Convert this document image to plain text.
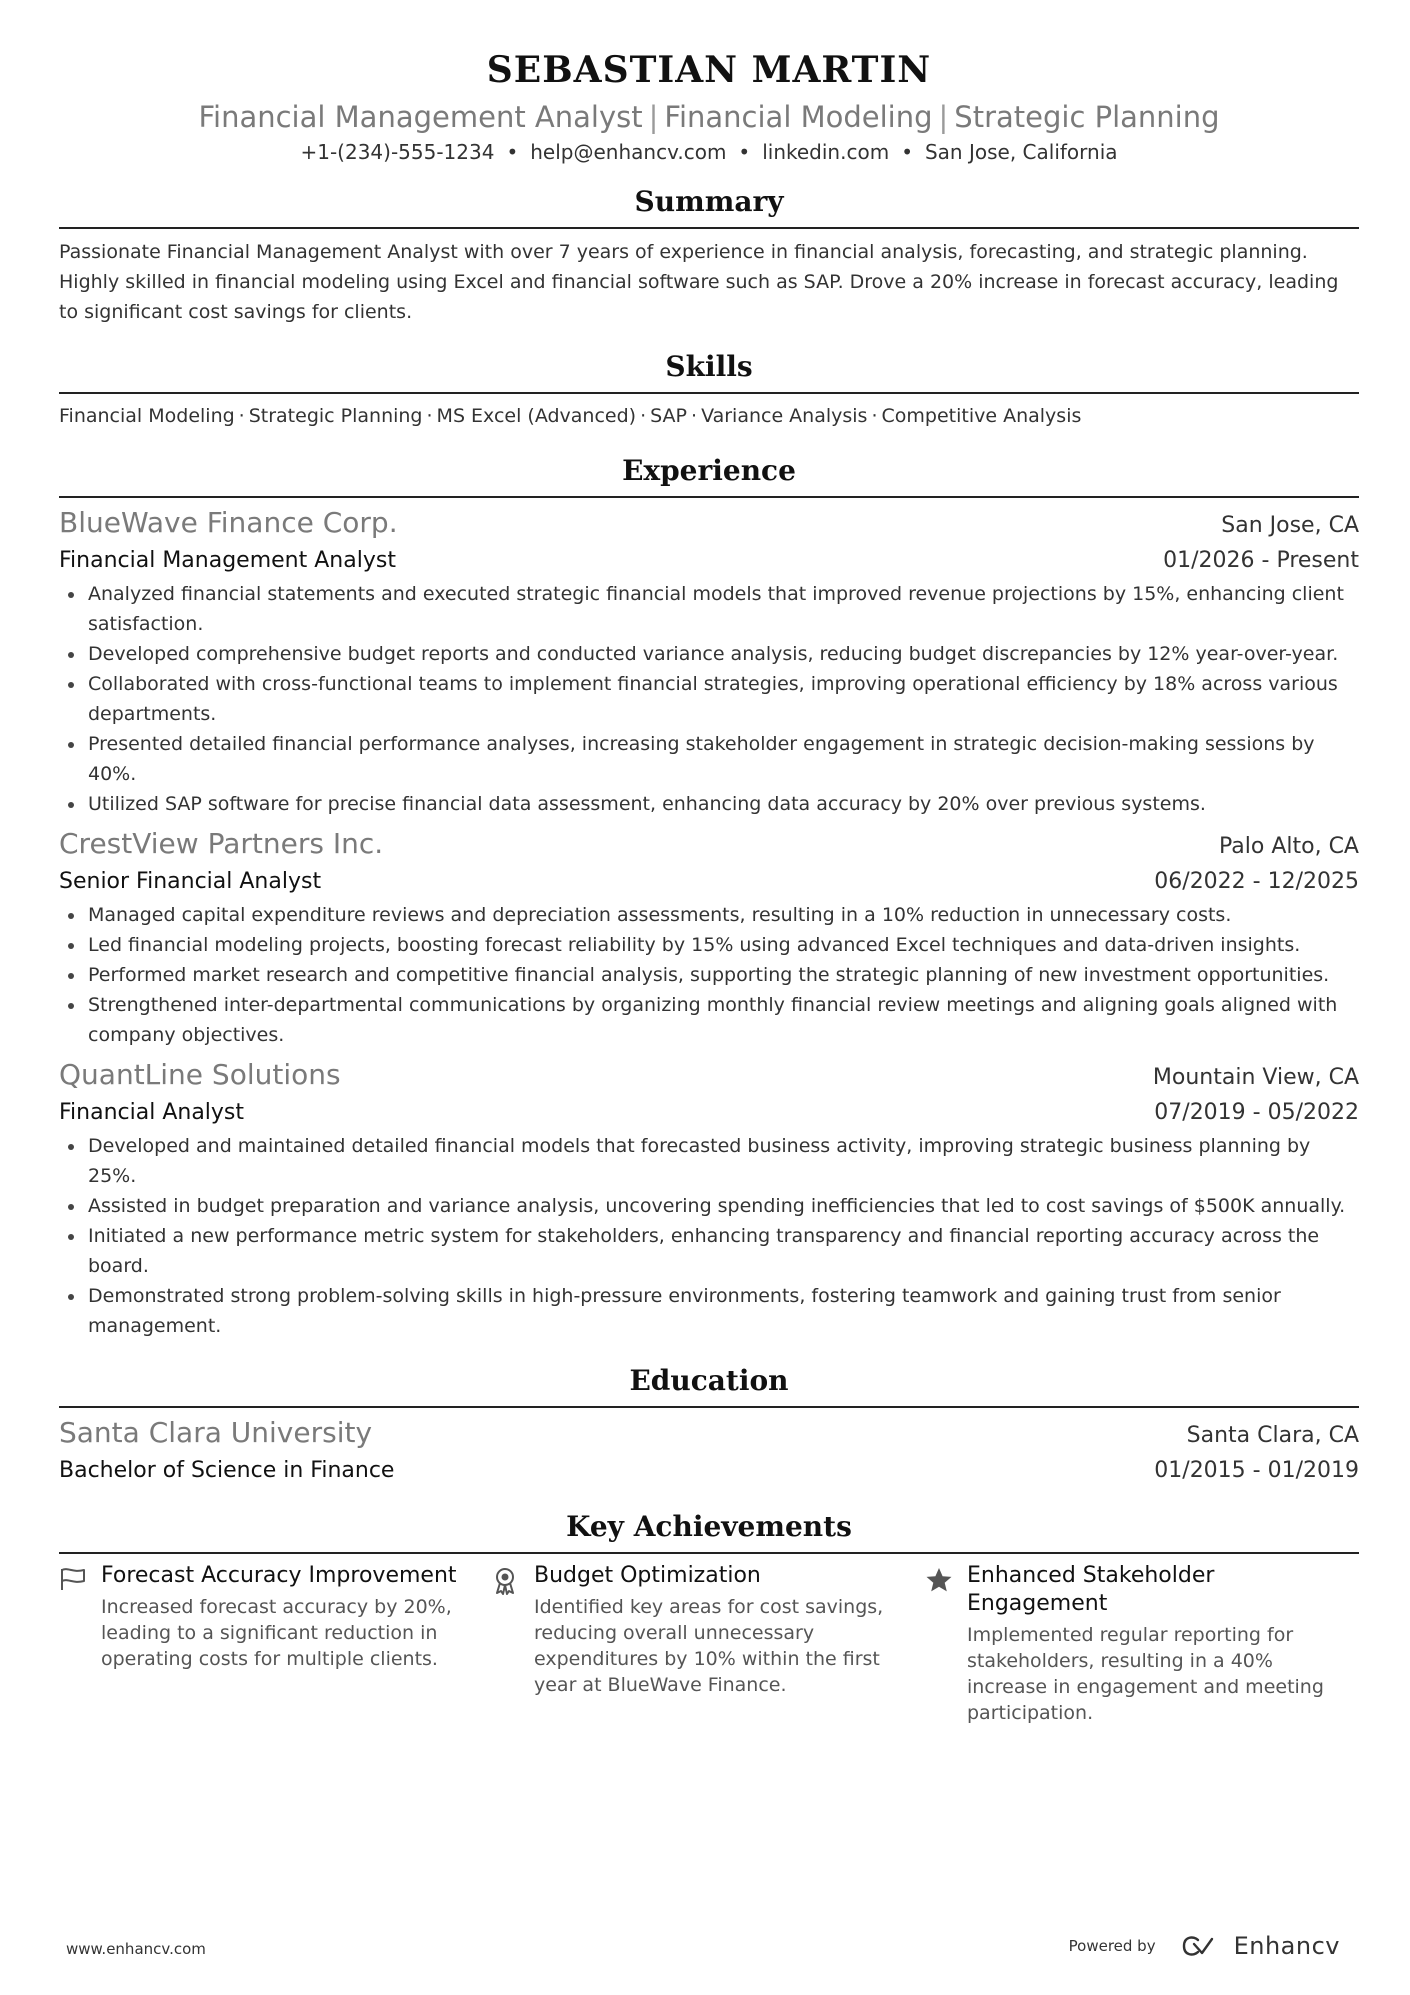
SEBASTIAN MARTIN
Financial Management Analyst | Financial Modeling | Strategic Planning
+1-(234)-555-1234 • help@enhancv.com • linkedin.com • San Jose, California
Summary
Passionate Financial Management Analyst with over 7 years of experience in financial analysis, forecasting, and strategic planning. Highly skilled in financial modeling using Excel and financial software such as SAP. Drove a 20% increase in forecast accuracy, leading to significant cost savings for clients.
Skills
Financial Modeling · Strategic Planning · MS Excel (Advanced) · SAP · Variance Analysis · Competitive Analysis
Experience
BlueWave Finance Corp.	San Jose, CA
Financial Management Analyst	01/2026 - Present
Analyzed financial statements and executed strategic financial models that improved revenue projections by 15%, enhancing client satisfaction.
Developed comprehensive budget reports and conducted variance analysis, reducing budget discrepancies by 12% year-over-year.
Collaborated with cross-functional teams to implement financial strategies, improving operational efficiency by 18% across various departments.
Presented detailed financial performance analyses, increasing stakeholder engagement in strategic decision-making sessions by 40%.
Utilized SAP software for precise financial data assessment, enhancing data accuracy by 20% over previous systems.
CrestView Partners Inc.	Palo Alto, CA
Senior Financial Analyst	06/2022 - 12/2025
Managed capital expenditure reviews and depreciation assessments, resulting in a 10% reduction in unnecessary costs.
Led financial modeling projects, boosting forecast reliability by 15% using advanced Excel techniques and data-driven insights.
Performed market research and competitive financial analysis, supporting the strategic planning of new investment opportunities.
Strengthened inter-departmental communications by organizing monthly financial review meetings and aligning goals aligned with company objectives.
QuantLine Solutions	Mountain View, CA
Financial Analyst	07/2019 - 05/2022
Developed and maintained detailed financial models that forecasted business activity, improving strategic business planning by 25%.
Assisted in budget preparation and variance analysis, uncovering spending inefficiencies that led to cost savings of $500K annually.
Initiated a new performance metric system for stakeholders, enhancing transparency and financial reporting accuracy across the board.
Demonstrated strong problem-solving skills in high-pressure environments, fostering teamwork and gaining trust from senior management.
Education
Santa Clara University	Santa Clara, CA
Bachelor of Science in Finance	01/2015 - 01/2019
Key Achievements
Forecast Accuracy Improvement
Increased forecast accuracy by 20%, leading to a significant reduction in operating costs for multiple clients.
Budget Optimization
Identified key areas for cost savings, reducing overall unnecessary expenditures by 10% within the first year at BlueWave Finance.
Enhanced Stakeholder Engagement
Implemented regular reporting for stakeholders, resulting in a 40% increase in engagement and meeting participation.
www.enhancv.com	Powered by	Enhancv
